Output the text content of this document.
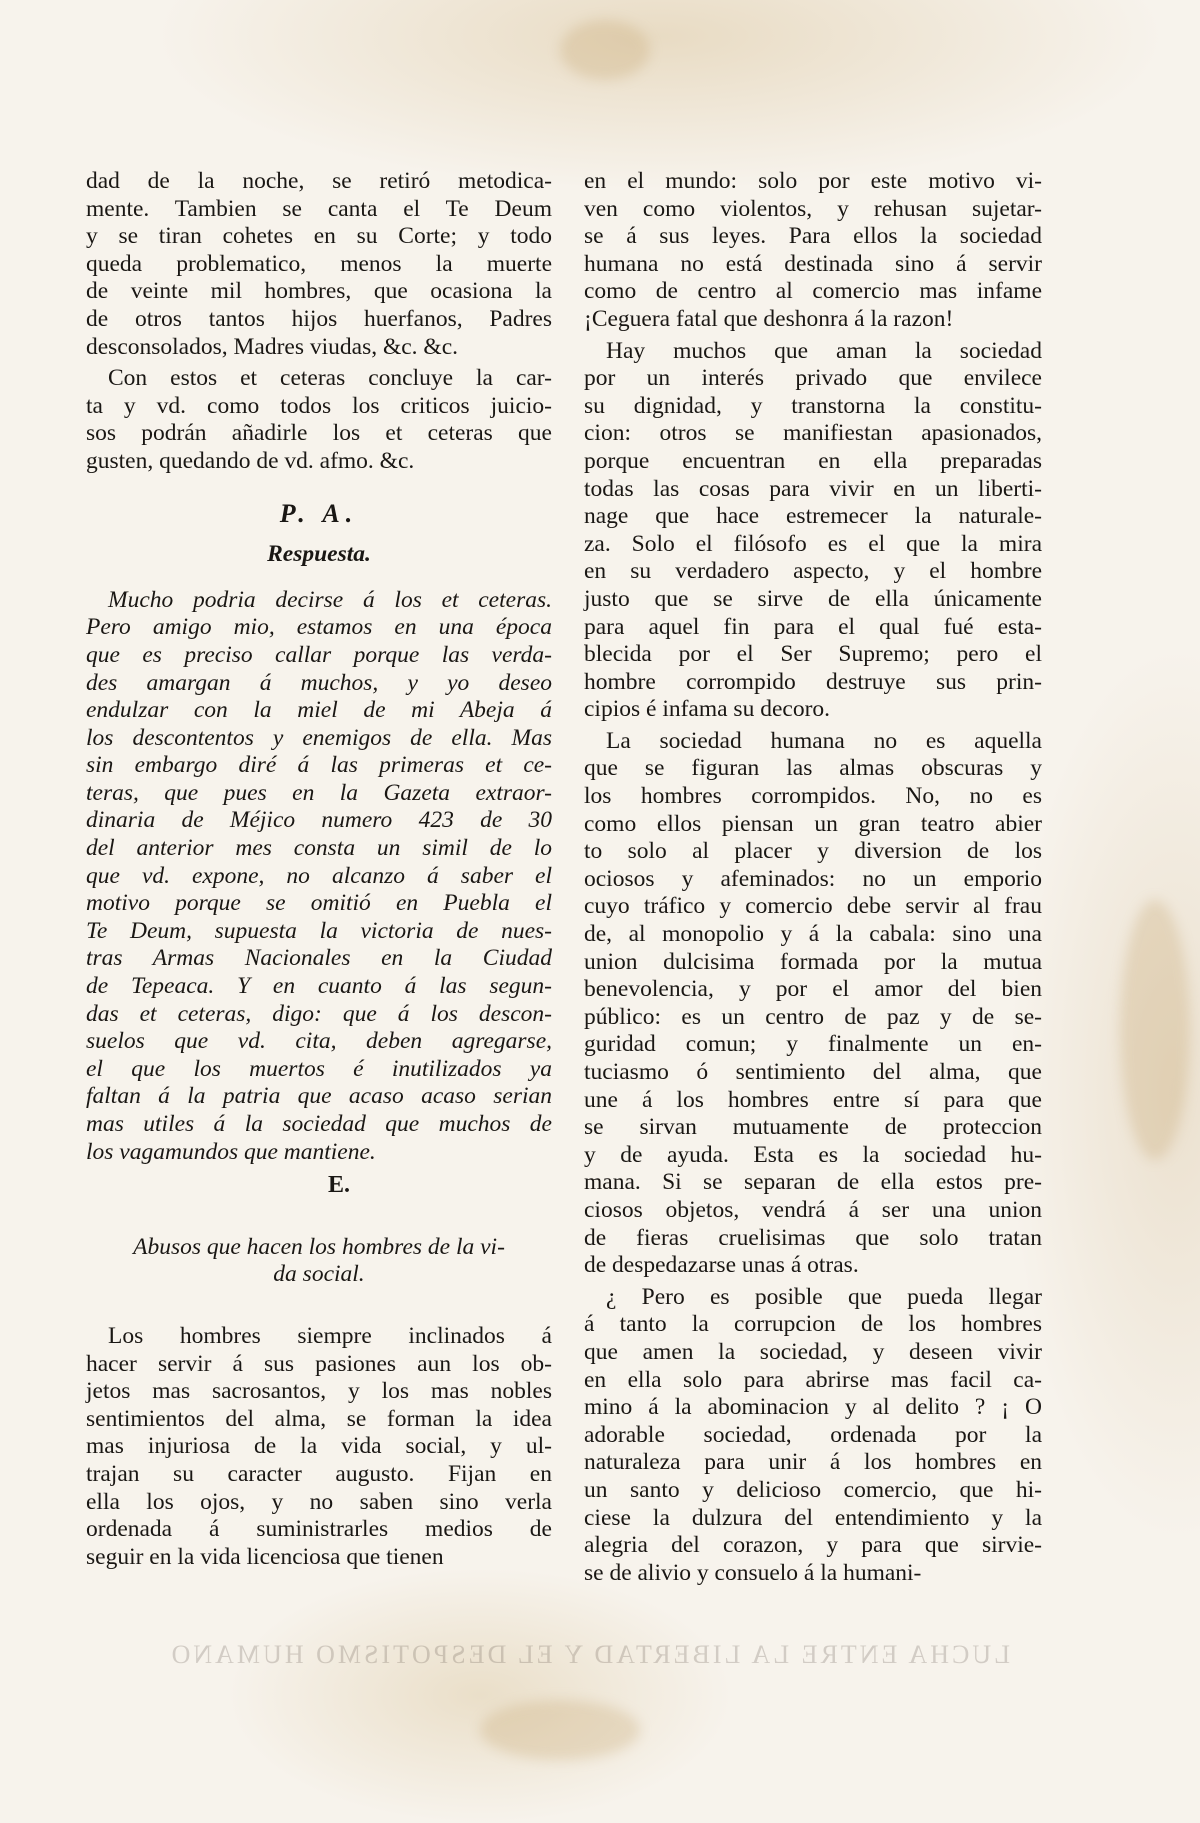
dad de la noche, se retiró metodica-
mente. Tambien se canta el Te Deum
y se tiran cohetes en su Corte; y todo
queda problematico, menos la muerte
de veinte mil hombres, que ocasiona la
de otros tantos hijos huerfanos, Padres
desconsolados, Madres viudas, &c. &c.
Con estos et ceteras concluye la car-
ta y vd. como todos los criticos juicio-
sos podrán añadirle los et ceteras que
gusten, quedando de vd. afmo. &c.
P. A.
Respuesta.
Mucho podria decirse á los et ceteras.
Pero amigo mio, estamos en una época
que es preciso callar porque las verda-
des amargan á muchos, y yo deseo
endulzar con la miel de mi Abeja á
los descontentos y enemigos de ella. Mas
sin embargo diré á las primeras et ce-
teras, que pues en la Gazeta extraor-
dinaria de Méjico numero 423 de 30
del anterior mes consta un simil de lo
que vd. expone, no alcanzo á saber el
motivo porque se omitió en Puebla el
Te Deum, supuesta la victoria de nues-
tras Armas Nacionales en la Ciudad
de Tepeaca. Y en cuanto á las segun-
das et ceteras, digo: que á los descon-
suelos que vd. cita, deben agregarse,
el que los muertos é inutilizados ya
faltan á la patria que acaso acaso serian
mas utiles á la sociedad que muchos de
los vagamundos que mantiene.
E.
Abusos que hacen los hombres de la vi-
da social.
Los hombres siempre inclinados á
hacer servir á sus pasiones aun los ob-
jetos mas sacrosantos, y los mas nobles
sentimientos del alma, se forman la idea
mas injuriosa de la vida social, y ul-
trajan su caracter augusto. Fijan en
ella los ojos, y no saben sino verla
ordenada á suministrarles medios de
seguir en la vida licenciosa que tienen
en el mundo: solo por este motivo vi-
ven como violentos, y rehusan sujetar-
se á sus leyes. Para ellos la sociedad
humana no está destinada sino á servir
como de centro al comercio mas infame
¡Ceguera fatal que deshonra á la razon!
Hay muchos que aman la sociedad
por un interés privado que envilece
su dignidad, y transtorna la constitu-
cion: otros se manifiestan apasionados,
porque encuentran en ella preparadas
todas las cosas para vivir en un liberti-
nage que hace estremecer la naturale-
za. Solo el filósofo es el que la mira
en su verdadero aspecto, y el hombre
justo que se sirve de ella únicamente
para aquel fin para el qual fué esta-
blecida por el Ser Supremo; pero el
hombre corrompido destruye sus prin-
cipios é infama su decoro.
La sociedad humana no es aquella
que se figuran las almas obscuras y
los hombres corrompidos. No, no es
como ellos piensan un gran teatro abier
to solo al placer y diversion de los
ociosos y afeminados: no un emporio
cuyo tráfico y comercio debe servir al frau
de, al monopolio y á la cabala: sino una
union dulcisima formada por la mutua
benevolencia, y por el amor del bien
público: es un centro de paz y de se-
guridad comun; y finalmente un en-
tuciasmo ó sentimiento del alma, que
une á los hombres entre sí para que
se sirvan mutuamente de proteccion
y de ayuda. Esta es la sociedad hu-
mana. Si se separan de ella estos pre-
ciosos objetos, vendrá á ser una union
de fieras cruelisimas que solo tratan
de despedazarse unas á otras.
¿ Pero es posible que pueda llegar
á tanto la corrupcion de los hombres
que amen la sociedad, y deseen vivir
en ella solo para abrirse mas facil ca-
mino á la abominacion y al delito ? ¡ O
adorable sociedad, ordenada por la
naturaleza para unir á los hombres en
un santo y delicioso comercio, que hi-
ciese la dulzura del entendimiento y la
alegria del corazon, y para que sirvie-
se de alivio y consuelo á la humani-
LUCHA ENTRE LA LIBERTAD Y EL DESPOTISMO HUMANO
